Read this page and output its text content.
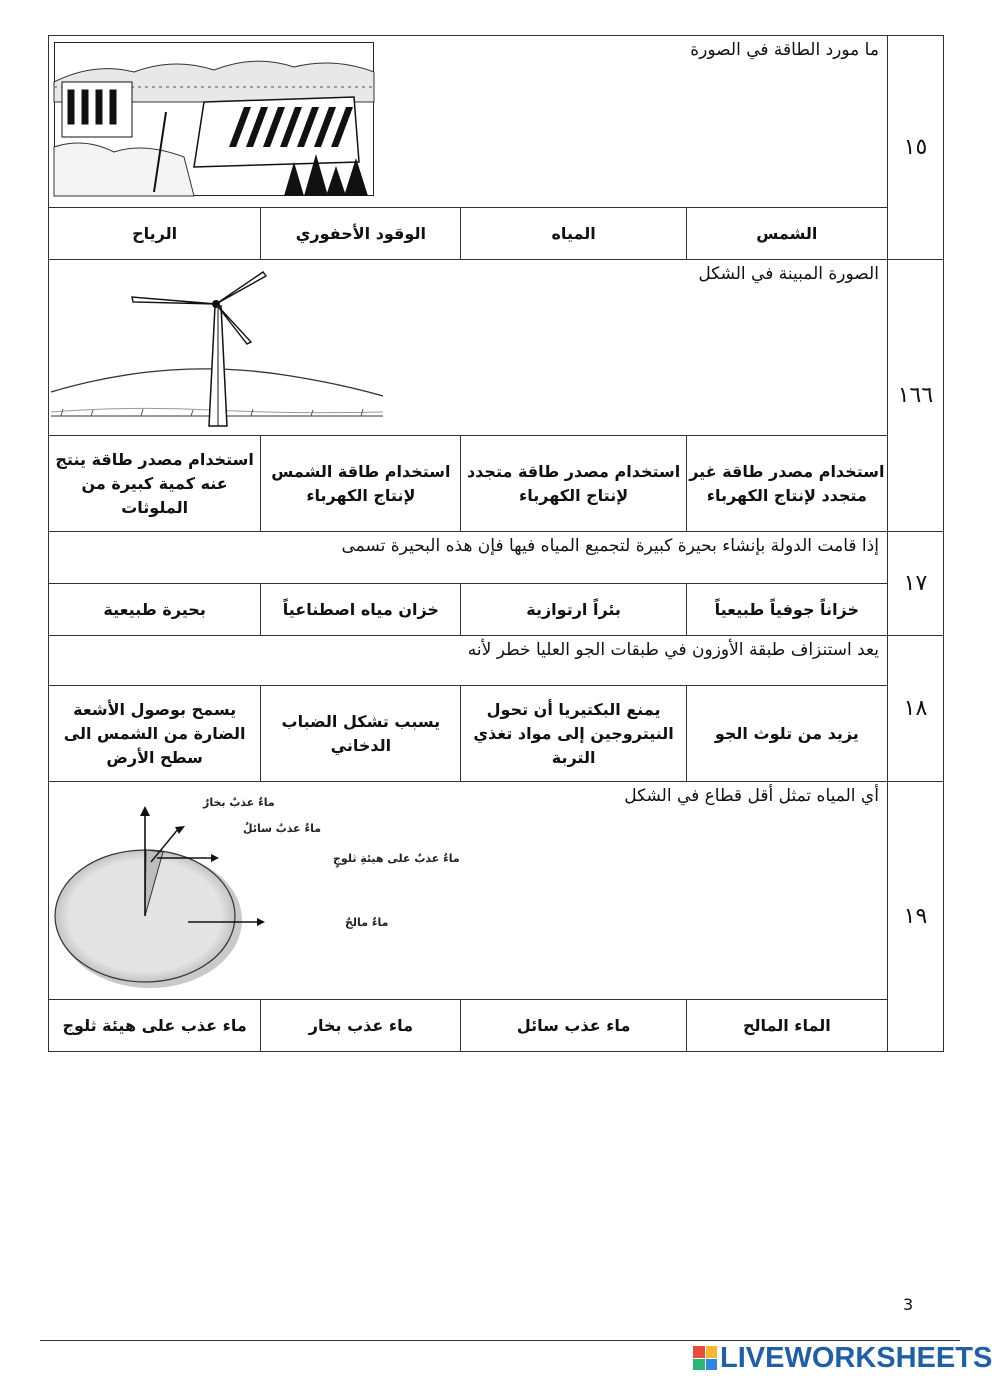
١٥	ما مورد الطاقة في الصورة			

	الشمس	المياه	الوقود الأحفوري	الرياح
١٦٦	الصورة المبينة في الشكل			

	استخدام مصدر طاقة غير متجدد لإنتاج الكهرباء	استخدام مصدر طاقة متجدد لإنتاج الكهرباء	استخدام طاقة الشمس لإنتاج الكهرباء	استخدام مصدر طاقة ينتج عنه كمية كبيرة من الملوثات
١٧	إذا قامت الدولة بإنشاء بحيرة كبيرة لتجميع المياه فيها فإن هذه البحيرة تسمى			

	خزاناً جوفياً طبيعياً	بئراً ارتوازية	خزان مياه اصطناعياً	بحيرة طبيعية
١٨	يعد استنزاف طبقة الأوزون في طبقات الجو العليا خطر لأنه			

	يزيد من تلوث الجو	يمنع البكتيريا أن تحول النيتروجين إلى مواد تغذي التربة	يسبب تشكل الضباب الدخاني	يسمح بوصول الأشعة الضارة من الشمس الى سطح الأرض
١٩	أي المياه تمثل أقل قطاع في الشكل
ماءٌ عذبٌ بخارٌ
ماءٌ عذبٌ سائلٌ
ماءٌ عذبٌ على هيئةِ ثلوجٍ
ماءٌ مالحٌ			

	الماء المالح	ماء عذب سائل	ماء عذب بخار	ماء عذب على هيئة ثلوج
3
LIVEWORKSHEETS
